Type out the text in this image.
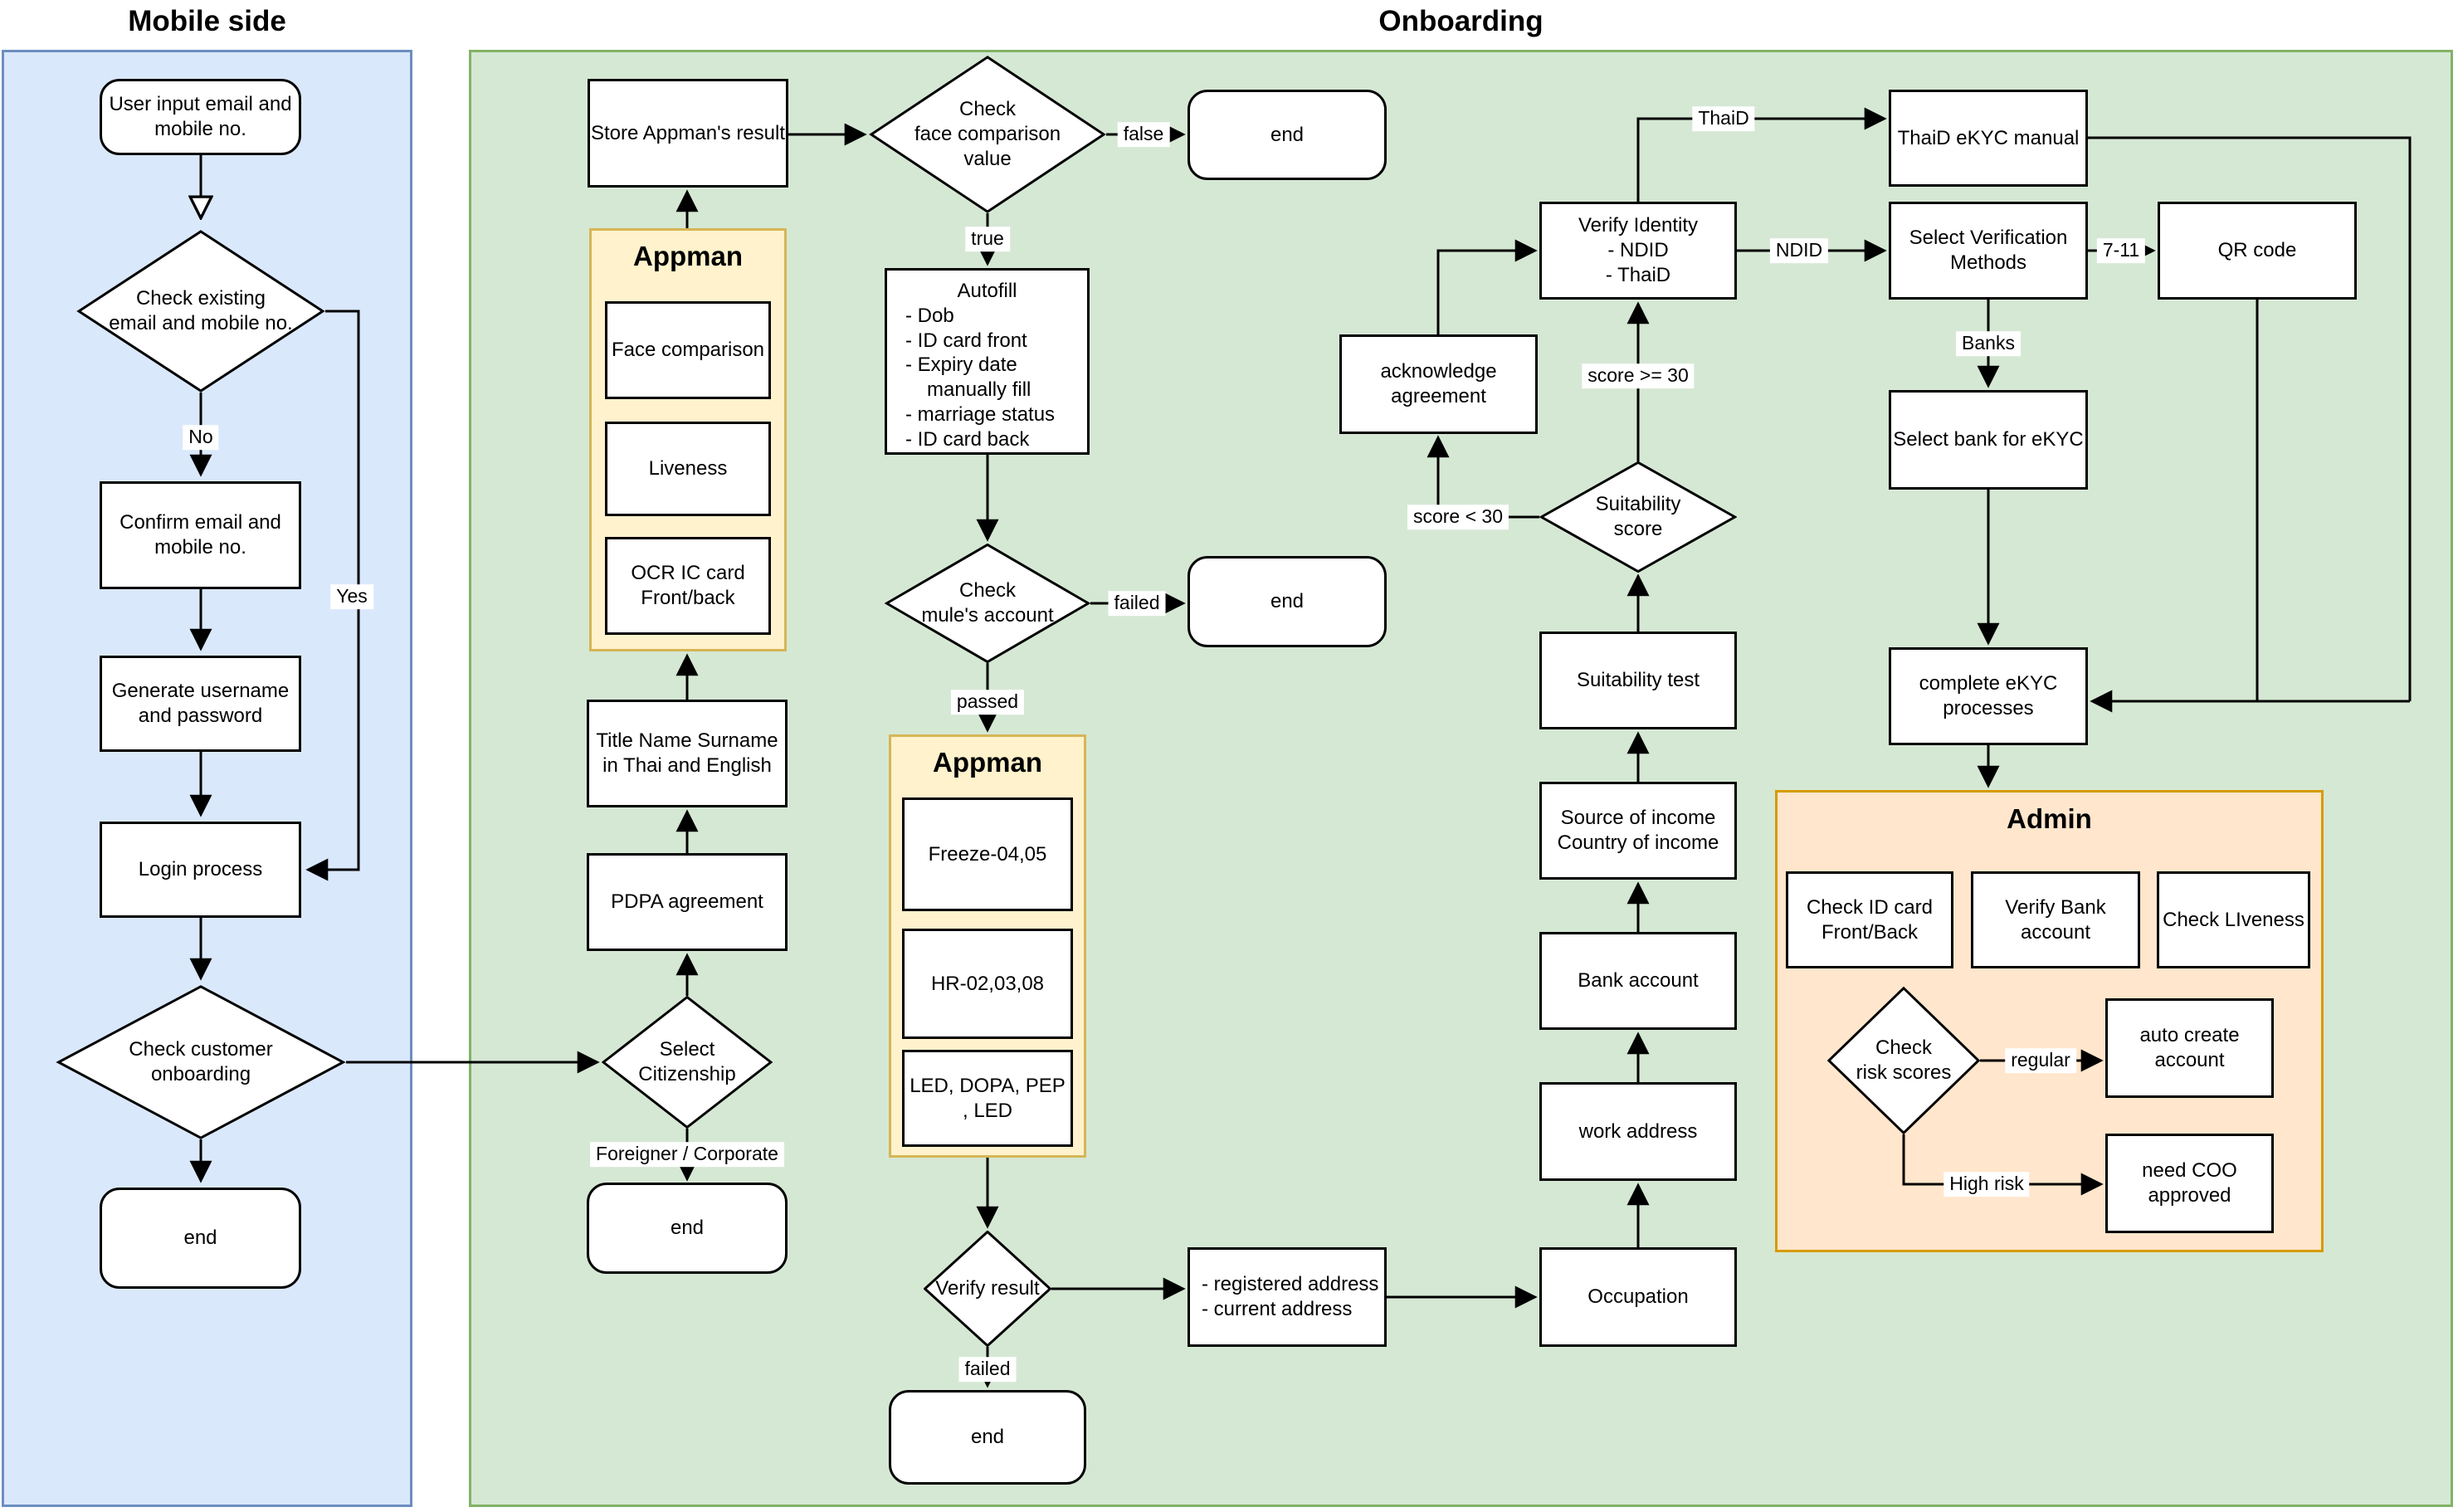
Mobile side	Onboarding
Appman
Appman
Admin
User input email and
mobile no.
Check existing
email and mobile no.
Confirm email and
mobile no.
Generate username
and password
Login process
Check customer
onboarding
end
Store Appman's result
Face comparison
Liveness
OCR IC card
Front/back
Title Name Surname
in Thai and English
PDPA agreement
Select
Citizenship
end
Check
face comparison
value
end
Autofill
- Dob
- ID card front
- Expiry date
manually fill
- marriage status
- ID card back
Check
mule's account
end
Freeze-04,05
HR-02,03,08
LED, DOPA, PEP
, LED
Verify result	- registered address
- current address
end
Occupation
work address
Bank account
Source of income
Country of income
Suitability test
Suitability
score
acknowledge
agreement
Verify Identity
- NDID
- ThaiD
ThaiD eKYC manual
Select Verification
Methods
QR code
Select bank for eKYC
complete eKYC
processes
Check ID card
Front/Back
Verify Bank
account
Check LIveness
Check
risk scores
auto create
account
need COO
approved
No
Yes
false
true
failed
passed
Foreigner / Corporate
failed
score < 30
score >= 30
ThaiD
NDID	7-11
Banks
regular
High risk
